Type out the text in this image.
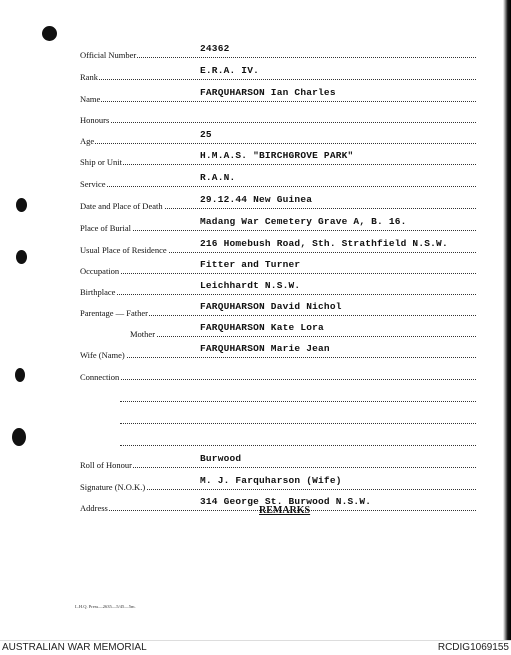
Official Number
24362
Rank
E.R.A. IV.
Name
FARQUHARSON Ian Charles
Honours
Age
25
Ship or Unit
H.M.A.S. "BIRCHGROVE PARK"
Service
R.A.N.
Date and Place of Death
29.12.44 New Guinea
Place of Burial
Madang War Cemetery Grave A, B. 16.
Usual Place of Residence
216 Homebush Road, Sth. Strathfield N.S.W.
Occupation
Fitter and Turner
Birthplace
Leichhardt N.S.W.
Parentage — Father
FARQUHARSON David Nichol
Mother
FARQUHARSON Kate Lora
Wife (Name)
FARQUHARSON Marie Jean
Connection
Roll of Honour
Burwood
Signature (N.O.K.)
M. J. Farquharson (Wife)
Address
314 George St. Burwood N.S.W.
REMARKS
L.H.Q. Press—2635—5/45—5m.
AUSTRALIAN WAR MEMORIAL	RCDIG1069155
